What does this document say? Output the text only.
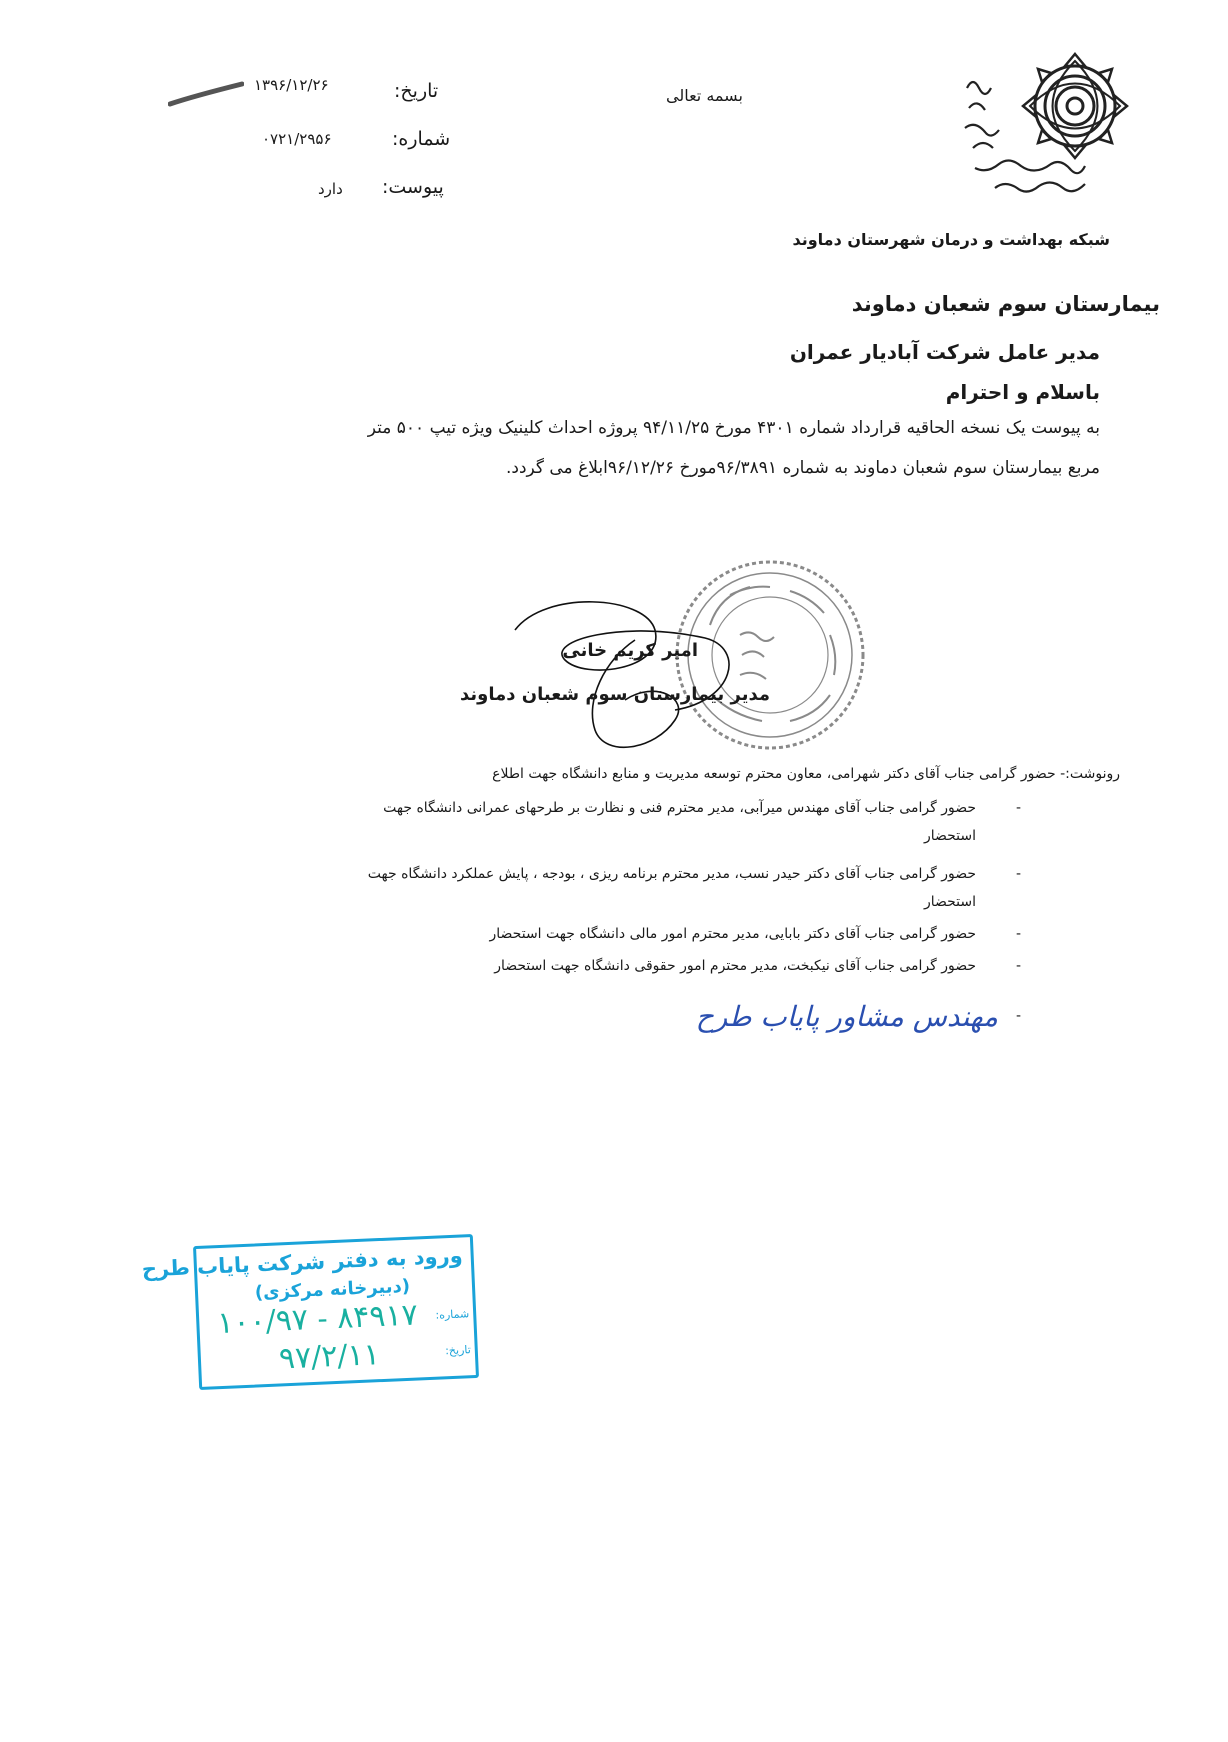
شبکه بهداشت و درمان شهرستان دماوند
بسمه تعالی
۱۳۹۶/۱۲/۲۶	تاریخ:
۰۷۲۱/۲۹۵۶	شماره:
دارد پیوست:
بیمارستان سوم شعبان دماوند
مدیر عامل شرکت آبادیار عمران
باسلام و احترام
به پیوست یک نسخه الحاقیه قرارداد شماره ۴۳۰۱ مورخ ۹۴/۱۱/۲۵ پروژه احداث کلینیک ویژه تیپ ۵۰۰ متر
مربع بیمارستان سوم شعبان دماوند به شماره ۹۶/۳۸۹۱مورخ ۹۶/۱۲/۲۶ابلاغ می گردد.
امیر کریم خانی
مدیر بیمارستان سوم شعبان دماوند
رونوشت:- حضور گرامی جناب آقای دکتر شهرامی، معاون محترم توسعه مدیریت و منابع دانشگاه جهت اطلاع
-
حضور گرامی جناب آقای مهندس میرآبی، مدیر محترم فنی و نظارت بر طرحهای عمرانی دانشگاه جهت
استحضار
-
حضور گرامی جناب آقای دکتر حیدر نسب، مدیر محترم برنامه ریزی ، بودجه ، پایش عملکرد دانشگاه جهت
استحضار
-
حضور گرامی جناب آقای دکتر بابایی، مدیر محترم امور مالی دانشگاه جهت استحضار
-
حضور گرامی جناب آقای نیکبخت، مدیر محترم امور حقوقی دانشگاه جهت استحضار
-
مهندس مشاور پایاب طرح
ورود به دفتر شرکت پایاب طرح
(دبیرخانه مرکزی)
شماره:
۱۰۰/۹۷ - ۸۴۹۱۷
تاریخ:
۹۷/۲/۱۱
